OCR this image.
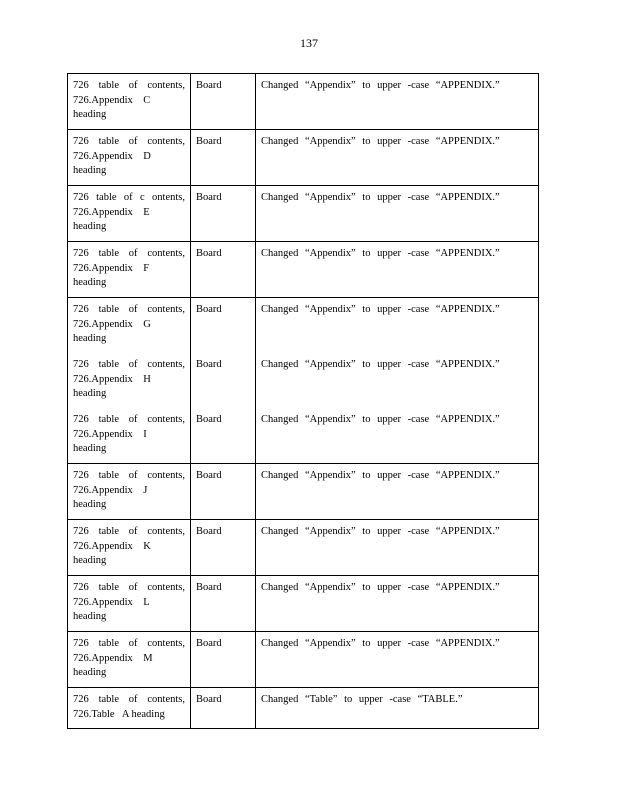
137
726 table of contents,
726.Appendix    C
heading	Board	Changed “Appendix” to upper -case “APPENDIX.”

726 table of contents,
726.Appendix    D
heading	Board	Changed “Appendix” to upper -case “APPENDIX.”

726 table of c ontents,
726.Appendix    E
heading	Board	Changed “Appendix” to upper -case “APPENDIX.”

726 table of contents,
726.Appendix    F
heading	Board	Changed “Appendix” to upper -case “APPENDIX.”

726 table of contents,
726.Appendix    G
heading	Board	Changed “Appendix” to upper -case “APPENDIX.”

726 table of contents,
726.Appendix    H
heading	Board	Changed “Appendix” to upper -case “APPENDIX.”

726 table of contents,
726.Appendix    I
heading	Board	Changed “Appendix” to upper -case “APPENDIX.”

726 table of contents,
726.Appendix    J
heading	Board	Changed “Appendix” to upper -case “APPENDIX.”

726 table of contents,
726.Appendix    K
heading	Board	Changed “Appendix” to upper -case “APPENDIX.”

726 table of contents,
726.Appendix    L
heading	Board	Changed “Appendix” to upper -case “APPENDIX.”

726 table of contents,
726.Appendix    M
heading	Board	Changed “Appendix” to upper -case “APPENDIX.”

726 table of contents,
726.Table   A heading	Board	Changed “Table” to upper -case “TABLE.”
